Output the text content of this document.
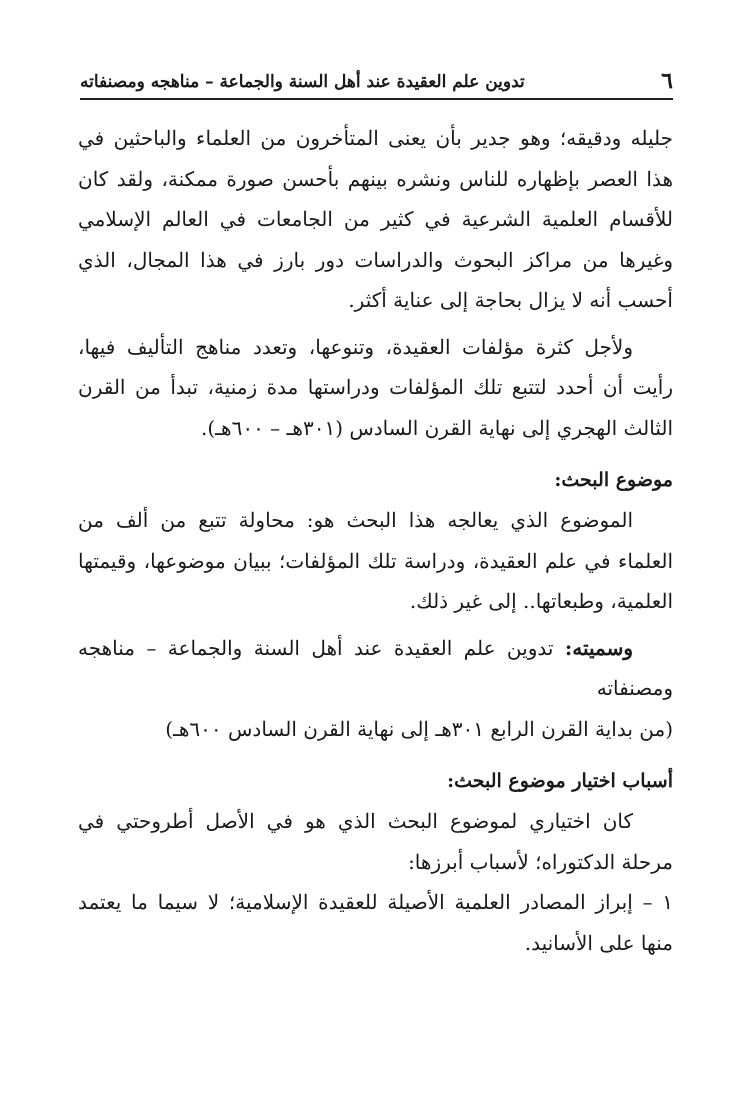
٦
تدوين علم العقيدة عند أهل السنة والجماعة – مناهجه ومصنفاته

جليله ودقيقه؛ وهو جدير بأن يعنى المتأخرون من العلماء والباحثين في هذا العصر بإظهاره للناس ونشره بينهم بأحسن صورة ممكنة، ولقد كان للأقسام العلمية الشرعية في كثير من الجامعات في العالم الإسلامي وغيرها من مراكز البحوث والدراسات دور بارز في هذا المجال، الذي أحسب أنه لا يزال بحاجة إلى عناية أكثر.

ولأجل كثرة مؤلفات العقيدة، وتنوعها، وتعدد مناهج التأليف فيها، رأيت أن أحدد لتتبع تلك المؤلفات ودراستها مدة زمنية، تبدأ من القرن الثالث الهجري إلى نهاية القرن السادس (٣٠١هـ – ٦٠٠هـ).

موضوع البحث:

الموضوع الذي يعالجه هذا البحث هو: محاولة تتبع من ألف من العلماء في علم العقيدة، ودراسة تلك المؤلفات؛ ببيان موضوعها، وقيمتها العلمية، وطبعاتها.. إلى غير ذلك.

وسميته: تدوين علم العقيدة عند أهل السنة والجماعة – مناهجه ومصنفاته

(من بداية القرن الرابع ٣٠١هـ إلى نهاية القرن السادس ٦٠٠هـ)

أسباب اختيار موضوع البحث:

كان اختياري لموضوع البحث الذي هو في الأصل أطروحتي في مرحلة الدكتوراه؛ لأسباب أبرزها:

١ – إبراز المصادر العلمية الأصيلة للعقيدة الإسلامية؛ لا سيما ما يعتمد منها على الأسانيد.
